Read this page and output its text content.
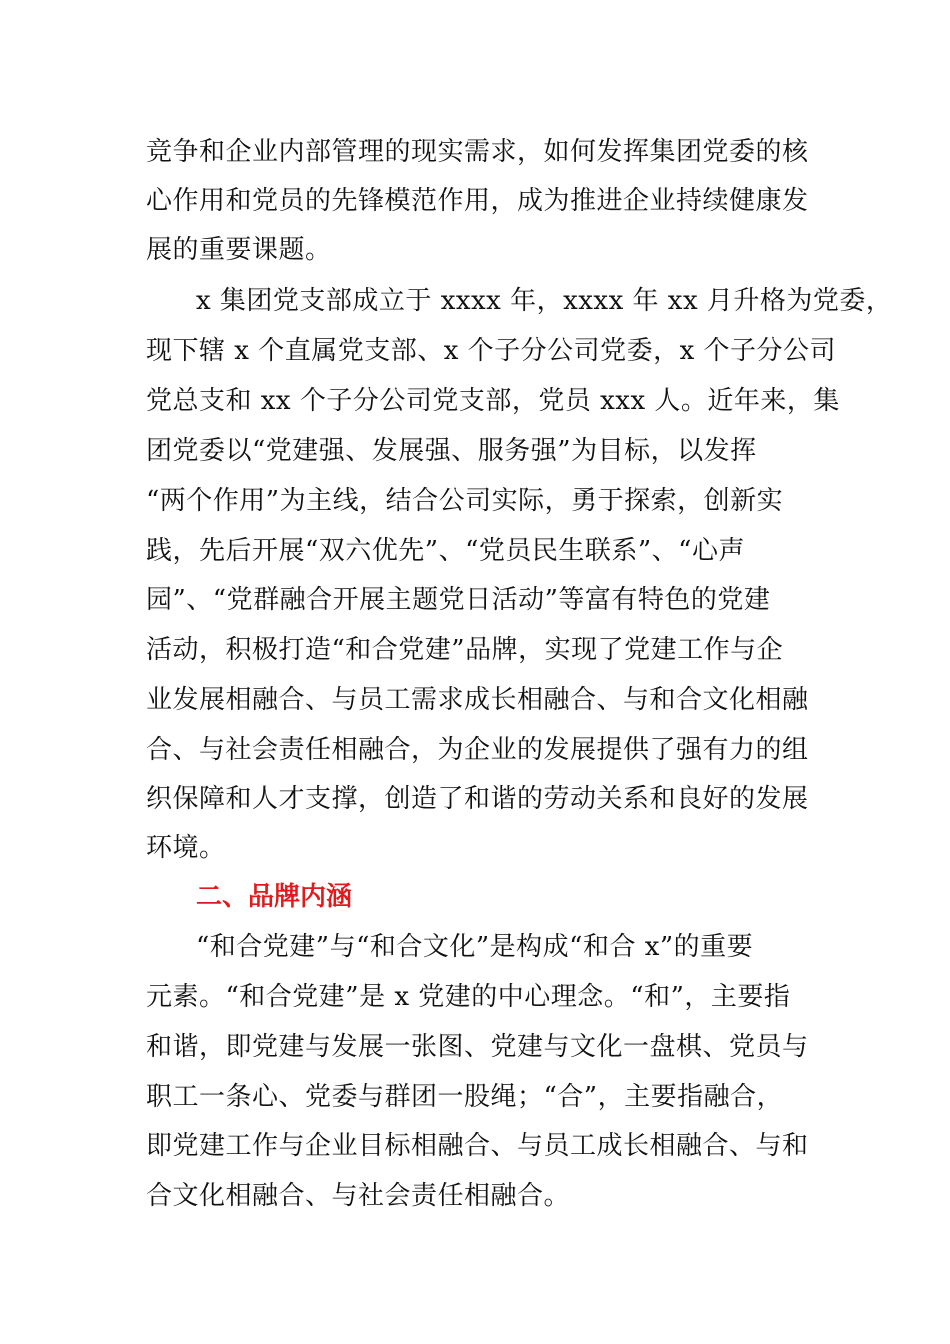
竞争和企业内部管理的现实需求，如何发挥集团党委的核
心作用和党员的先锋模范作用，成为推进企业持续健康发
展的重要课题。
x 集团党支部成立于 xxxx 年，xxxx 年 xx 月升格为党委，
现下辖 x 个直属党支部、x 个子分公司党委，x 个子分公司
党总支和 xx 个子分公司党支部，党员 xxx 人。近年来，集
团党委以“党建强、发展强、服务强”为目标，以发挥
“两个作用”为主线，结合公司实际，勇于探索，创新实
践，先后开展“双六优先”、“党员民生联系”、“心声
园”、“党群融合开展主题党日活动”等富有特色的党建
活动，积极打造“和合党建”品牌，实现了党建工作与企
业发展相融合、与员工需求成长相融合、与和合文化相融
合、与社会责任相融合，为企业的发展提供了强有力的组
织保障和人才支撑，创造了和谐的劳动关系和良好的发展
环境。
二、品牌内涵
“和合党建”与“和合文化”是构成“和合 x”的重要
元素。“和合党建”是 x 党建的中心理念。“和”，主要指
和谐，即党建与发展一张图、党建与文化一盘棋、党员与
职工一条心、党委与群团一股绳；“合”，主要指融合，
即党建工作与企业目标相融合、与员工成长相融合、与和
合文化相融合、与社会责任相融合。
